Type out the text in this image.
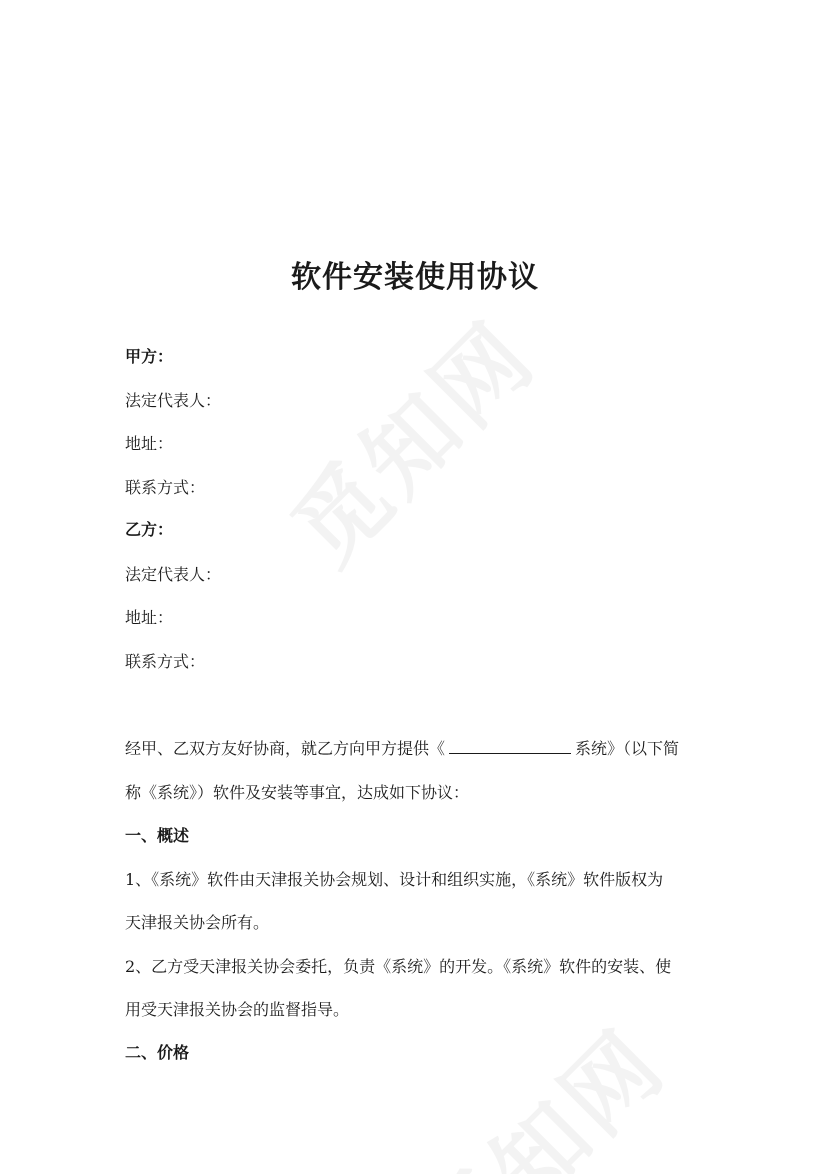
软件安装使用协议
甲方：
法定代表人：
地址：
联系方式：
乙方：
法定代表人：
地址：
联系方式：
经甲、乙双方友好协商，就乙方向甲方提供《	系统》（以下简
称《系统》）软件及安装等事宜，达成如下协议：
一、概述
1、《系统》软件由天津报关协会规划、设计和组织实施，《系统》软件版权为
天津报关协会所有。
2、乙方受天津报关协会委托，负责《系统》的开发。《系统》软件的安装、使
用受天津报关协会的监督指导。
二、价格
